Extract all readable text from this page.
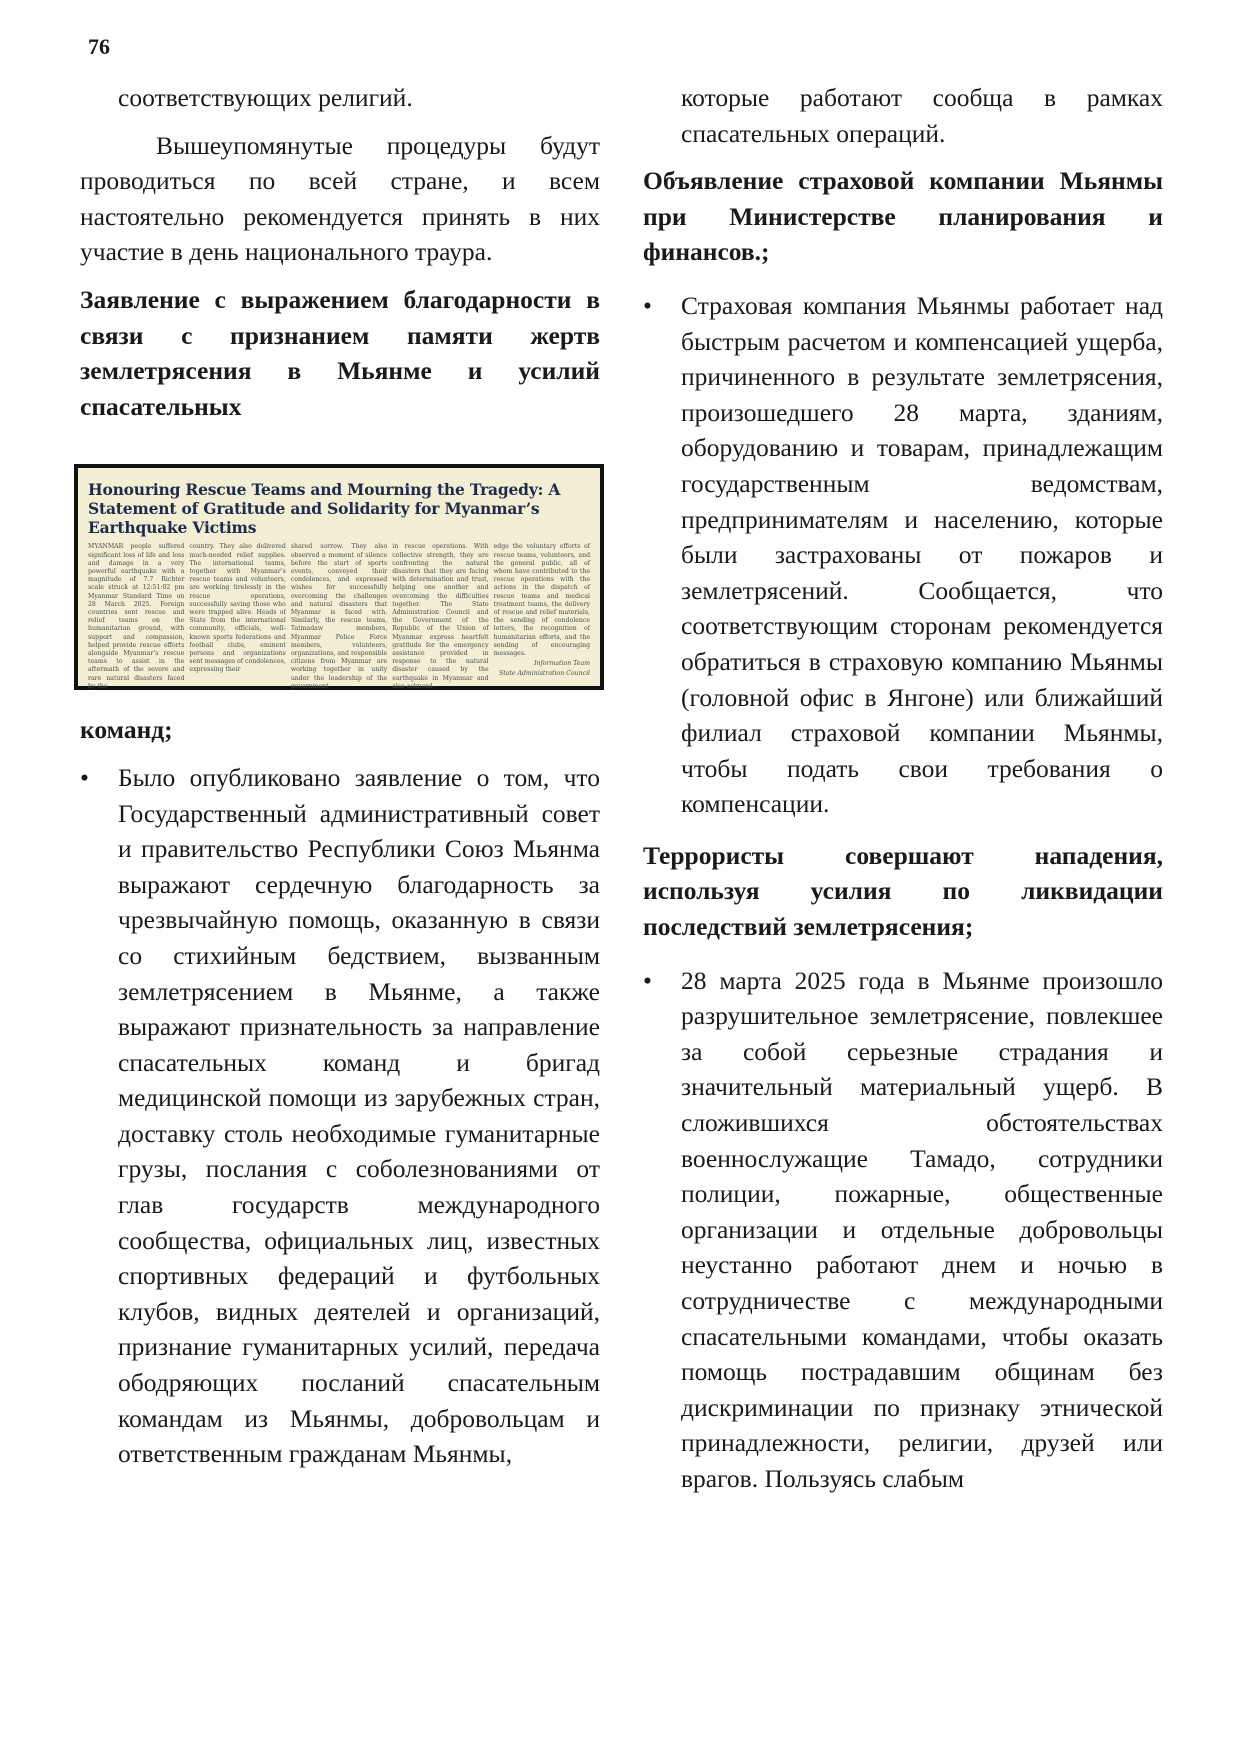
76

соответствующих религий.

Вышеупомянутые процедуры будут проводиться по всей стране, и всем настоятельно рекомендуется принять в них участие в день национального траура.

Заявление с выражением благодарности в связи с признанием памяти жертв землетрясения в Мьянме и усилий спасательных

Honouring Rescue Teams and Mourning the Tragedy: A Statement of Gratitude and Solidarity for Myanmar’s Earthquake Victims
MYANMAR people suffered significant loss of life and loss and damage in a very powerful earthquake with a magnitude of 7.7 Richter scale struck at 12:51:02 pm Myanmar Standard Time on 28 March 2025. Foreign countries sent rescue and relief teams on the humanitarian ground, with support and compassion, helped provide rescue efforts alongside Myanmar’s rescue teams to assist in the aftermath of the severe and rare natural disasters faced by the
country. They also delivered much-needed relief supplies. The international teams, together with Myanmar’s rescue teams and volunteers, are working tirelessly in the rescue operations, successfully saving those who were trapped alive. Heads of State from the international community, officials, well-known sports federations and football clubs, eminent persons and organizations sent messages of condolences, expressing their
shared sorrow. They also observed a moment of silence before the start of sports events, conveyed their condolences, and expressed wishes for successfully overcoming the challenges and natural disasters that Myanmar is faced with. Similarly, the rescue teams, Tatmadaw members, Myanmar Police Force members, volunteers, organizations, and responsible citizens from Myanmar are working together in unity under the leadership of the government
in rescue operations. With collective strength, they are confronting the natural disasters that they are facing with determination and trust, helping one another and overcoming the difficulties together. The State Administration Council and the Government of the Republic of the Union of Myanmar express heartfelt gratitude for the emergency assistance provided in response to the natural disaster caused by the earthquake in Myanmar and also acknowl-
edge the voluntary efforts of rescue teams, volunteers, and the general public, all of whom have contributed to the rescue operations with the actions in the dispatch of rescue teams and medical treatment teams, the delivery of rescue and relief materials, the sending of condolence letters, the recognition of humanitarian efforts, and the sending of encouraging messages.
Information Team
State Administration Council

команд;

• Было опубликовано заявление о том, что Государственный административный совет и правительство Республики Союз Мьянма выражают сердечную благодарность за чрезвычайную помощь, оказанную в связи со стихийным бедствием, вызванным землетрясением в Мьянме, а также выражают признательность за направление спасательных команд и бригад медицинской помощи из зарубежных стран, доставку столь необходимые гуманитарные грузы, послания с соболезнованиями от глав государств международного сообщества, официальных лиц, известных спортивных федераций и футбольных клубов, видных деятелей и организаций, признание гуманитарных усилий, передача ободряющих посланий спасательным командам из Мьянмы, добровольцам и ответственным гражданам Мьянмы,

которые работают сообща в рамках спасательных операций.

Объявление страховой компании Мьянмы при Министерстве планирования и финансов.;

• Страховая компания Мьянмы работает над быстрым расчетом и компенсацией ущерба, причиненного в результате землетрясения, произошедшего 28 марта, зданиям, оборудованию и товарам, принадлежащим государственным ведомствам, предпринимателям и населению, которые были застрахованы от пожаров и землетрясений. Сообщается, что соответствующим сторонам рекомендуется обратиться в страховую компанию Мьянмы (головной офис в Янгоне) или ближайший филиал страховой компании Мьянмы, чтобы подать свои требования о компенсации.

Террористы совершают нападения, используя усилия по ликвидации последствий землетрясения;

• 28 марта 2025 года в Мьянме произошло разрушительное землетрясение, повлекшее за собой серьезные страдания и значительный материальный ущерб. В сложившихся обстоятельствах военнослужащие Тамадо, сотрудники полиции, пожарные, общественные организации и отдельные добровольцы неустанно работают днем и ночью в сотрудничестве с международными спасательными командами, чтобы оказать помощь пострадавшим общинам без дискриминации по признаку этнической принадлежности, религии, друзей или врагов. Пользуясь слабым
